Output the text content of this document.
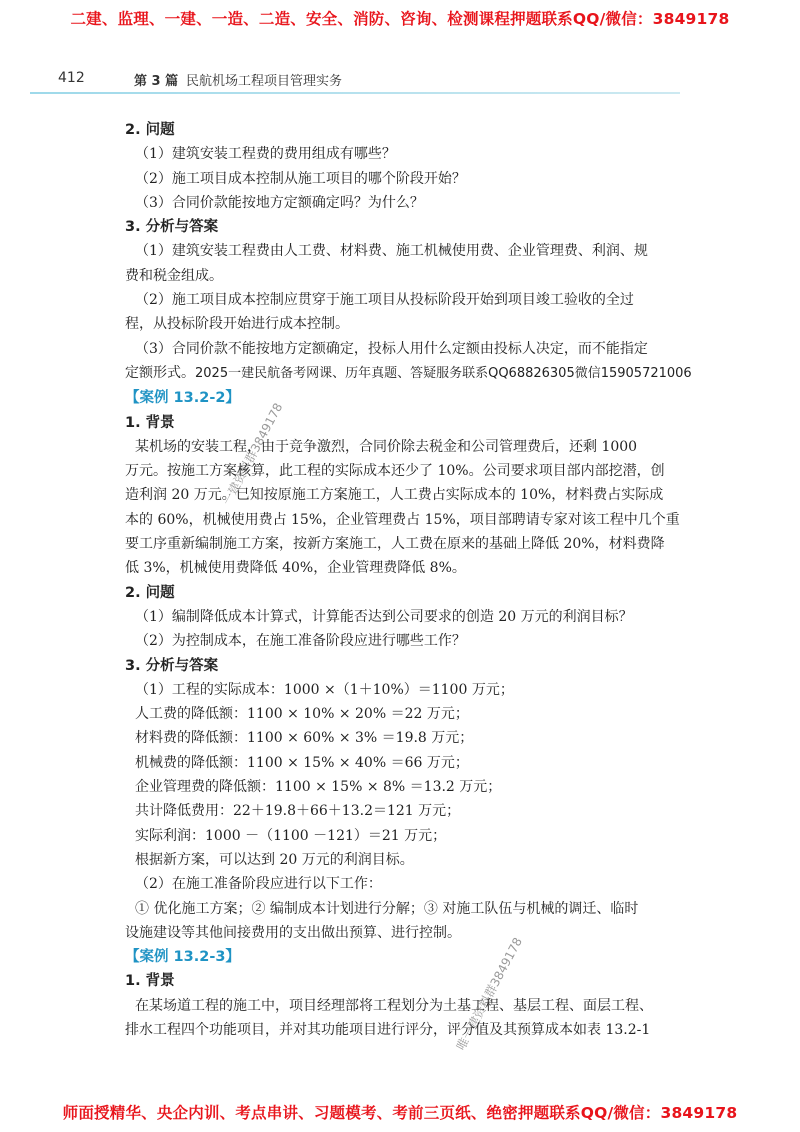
二建、监理、一建、一造、二造、安全、消防、咨询、检测课程押题联系QQ/微信：3849178
412	第 3 篇 民航机场工程项目管理实务

2. 问题

（1）建筑安装工程费的费用组成有哪些？

（2）施工项目成本控制从施工项目的哪个阶段开始？

（3）合同价款能按地方定额确定吗？为什么？

3. 分析与答案

（1）建筑安装工程费由人工费、材料费、施工机械使用费、企业管理费、利润、规

费和税金组成。

（2）施工项目成本控制应贯穿于施工项目从投标阶段开始到项目竣工验收的全过

程，从投标阶段开始进行成本控制。

（3）合同价款不能按地方定额确定，投标人用什么定额由投标人决定，而不能指定

定额形式。2025一建民航备考网课、历年真题、答疑服务联系QQ68826305微信15905721006

【案例 13.2-2】

1. 背景

某机场的安装工程，由于竞争激烈，合同价除去税金和公司管理费后，还剩 1000

万元。按施工方案核算，此工程的实际成本还少了 10%。公司要求项目部内部挖潜，创

造利润 20 万元。已知按原施工方案施工，人工费占实际成本的 10%，材料费占实际成

本的 60%，机械使用费占 15%，企业管理费占 15%，项目部聘请专家对该工程中几个重

要工序重新编制施工方案，按新方案施工，人工费在原来的基础上降低 20%，材料费降

低 3%，机械使用费降低 40%，企业管理费降低 8%。

2. 问题

（1）编制降低成本计算式，计算能否达到公司要求的创造 20 万元的利润目标？

（2）为控制成本，在施工准备阶段应进行哪些工作？

3. 分析与答案

（1）工程的实际成本：1000 ×（1＋10%）＝1100 万元；

人工费的降低额：1100 × 10% × 20% ＝22 万元；

材料费的降低额：1100 × 60% × 3% ＝19.8 万元；

机械费的降低额：1100 × 15% × 40% ＝66 万元；

企业管理费的降低额：1100 × 15% × 8% ＝13.2 万元；

共计降低费用：22＋19.8＋66＋13.2＝121 万元；

实际利润：1000 －（1100 －121）＝21 万元；

根据新方案，可以达到 20 万元的利润目标。

（2）在施工准备阶段应进行以下工作：

① 优化施工方案；② 编制成本计划进行分解；③ 对施工队伍与机械的调迁、临时

设施建设等其他间接费用的支出做出预算、进行控制。

【案例 13.2-3】

1. 背景

在某场道工程的施工中，项目经理部将工程划分为土基工程、基层工程、面层工程、

排水工程四个功能项目，并对其功能项目进行评分，评分值及其预算成本如表 13.2-1

一建资料群3849178
唯一建资料群3849178
师面授精华、央企内训、考点串讲、习题模考、考前三页纸、绝密押题联系QQ/微信：3849178
